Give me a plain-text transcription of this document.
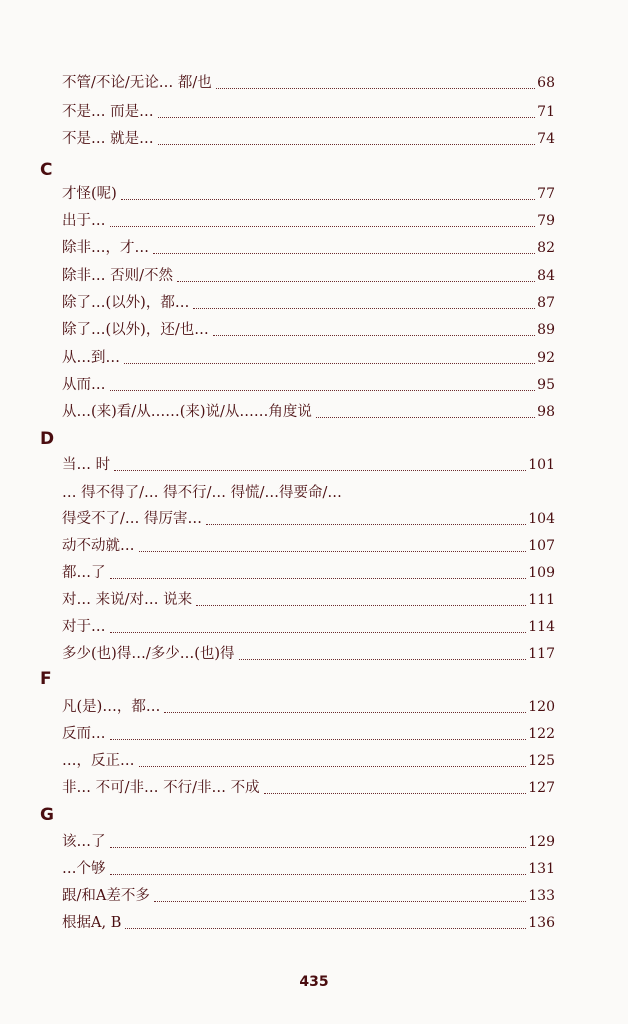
不管/不论/无论… 都/也	68
不是… 而是…	71
不是… 就是…	74
C
才怪(呢)	77
出于…	79
除非…，才…	82
除非… 否则/不然	84
除了…(以外)，都…	87
除了…(以外)，还/也…	89
从…到…	92
从而…	95
从…(来)看/从……(来)说/从……角度说	98
D
当… 时	101
… 得不得了/… 得不行/… 得慌/…得要命/…
得受不了/… 得厉害…	104
动不动就…	107
都…了	109
对… 来说/对… 说来	111
对于…	114
多少(也)得…/多少…(也)得	117
F
凡(是)…，都…	120
反而…	122
…，反正…	125
非… 不可/非… 不行/非… 不成	127
G
该…了	129
…个够	131
跟/和A差不多	133
根据A, B	136
435
